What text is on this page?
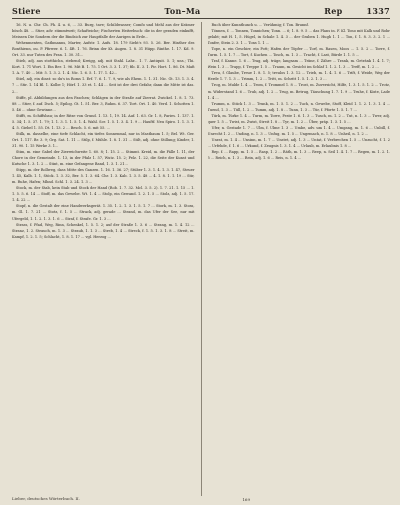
Stiere	Ton–Ma	Rep	1337

16. N. u. Chr. Ch. Ph. 4. u. 6, ... 33. Burg, tave; Schildwasser; Comfo und Mehl aus der Krämer bösch 48. ... Stier, adv. stimmtweit; Schafteiche; Fischerten Heiterbuch: die in der geraden einkufft, Meissen Die Sondern der die Bindsich zur Hauptfalle der Aurigen in Erde...

Wehenmenten, Gathmanns, Marter, Aufstr. 1. Aufs. 18. 179 Sieht's 93. 5. 26. Ber. Hinther des Ronthienn, ou. P. Pfirwer. 6. 1. 4ft. 1. 76. Brinn der Kt. Augen. 1. 8. 31 Hüpp. Rinthe. 1. 17. Kd. 9. Ort. 33. nur Tuten des Fran. 1. 30. 31...

Stieb, adj. aus stotthichn, stebend; Kreigg, adj. mit Stahl. Lahr... 1. 7. Antiquit. 5. 1; uns.; Thi. Kort. 1. 71 Wort. 1. Ein Ber. 1. 96. Mit B. 1. 75. 1 Ort. 3. 3. 1. 37; fib. II. 3. 1. Pir. Hort. 1. 86. Dt. Mafi 1. A. 7. 40 ... Mit: 5. 1. 3. 2. 1. 4. Nic. 1. 6. 5. 1. 17. 1. 42...

Stiel, adj. ein dinst: so du's in Roms 1. Erf. 7. 6. 1. 7. 9, wie als Ehem. 1. 1. 31. Nic. Gt. 13. 1. 3. 4. 7 ... Stir. 1. 14 Bl. 1. Kolbe 1; Hörf. 1. 33 et. 1. 44 ... Seit ist der drei Gefahr, dann die Mitte ist das. 2...

Stiffe, pl. Abbildungen aus den Faschen; Schlägen in der Straße auf Zierrat. Zwickel. 1. 8. 1. 73. 88 ... Stier, f. auf. Dsch. 5; Epilog. Gt. 1. 51. Ber. 3, Ruhm. 6. 37. Tort. Ort. 1. 40. Verd. 1. Schotten 1. 5. 46 ... ohne Gewinne...

Stifft, m. Schiffsbau; in der Ritze von Grund. 1. 13. 1, 19. 14. Auf. 1. 63. Gr. 1. 8, Paries. 1. 137. 1. 5. 34; 1. 5. 37. 1. 79; 1. 1. 3. 1. 1. 5. 1. 4. Wahl. Scr. 1. 5. 1. 3. 4. 1. 9 ... Hauftf. Neu Spiro. 1. 1. 3. 1. 4. 5. Giebel 1. 55. Dt. 1. 13. 2 ... Besch. 5. 6. mit 55. ...

Stilk, m. dasselbe, eine tiefe Schlacht, ein tiefes Sonnenmal, nur in Mastbaum 1. 5; Bel. Wt. Ger. Ort. 1. 117. Br. 3. 9; Grg. Sat. 1. 11 ... Stilp, f. Mühle. 1. 8. 1. 31 ... Stilt, adj. ohne Stillung; Kinder, 1. 31. 90. 1. 15 Werke 3. 1...

Stim, m. eine Gabel der Zierreichweite 1. 60. 8; 1. 15. 2 ... Stimmt. Kreid, m. die Fälle 1. 11, der Chore in der Gemeinde. 1. 13, in der Pfalz 1. 57, Wutz. 15. 2; Pelz. 1. 22, die Seite der Kunst und Kutsche 1. 3. 1. 2 ... Stint, m. eine Gefangene Band, 1. 3. 1. 21...

Stipp, m. der Rollweg, dass Mitte des Ganzen. 1. 16. 1. 36. 27; Stüber 1. 3. 1. 4. 1. 3. 1. 47, Steuer 1. 45, Kalb. 1. 1, Stöck. 1. 3. 32, Ber. 5. 1. 3. 64. Chr. 1. 3. Kab. 1. 3. 5. 48 ... 4. 1. 8. 1. 1. 19 ... Stir, m. Ruhe, Hafen; Mhnd. Schl. 1. 3. 24. 1. 3 ...

Stock, m. der Stab, kein Stab und Stock der Hand (Rob. 1. 7. 32. Mcl. 3. 5. 2). 1. 7. 21. 1. 15 ... 1. 1. 5. 5. 6. 14 ... Stoff, m. das Gewebe. Wt. 1. 4 ... Stolp, ein Gewand. 1. 2. 1. 5 ... Stolz, adj. 1. 5. 17. 1. 4. 22 ...

Stopf, n. die Gestalt der eine Handwerksgerät. 1. 35. 1. 2. 1. 3. 1. 5. 1. 7 ... Stork, m. 1. 3. Stoss, m. Gl. 1. 7. 21 ... Stotz, f. 1. 5 ... Strack, adj. gerade ... Strand, m. das Ufer der See, nur mit Ufergeld, 1. 1. 2. 1. 3. 1. 6 ... Straf, f. Strafe. Gr. 1. 3 ...

Strass, f. Pfad, Weg, Rinn, Schenkel, 1. 5. 1. 2; auf der Straße 1. 3. 6 ... Strang, m. 1. 4. 12 ... Stranz, 1. 2. Strauch, m. 1. 3 ... Straub, 1. 1. 3 ... Streb, 1. 4 ... Streck, f. 1. 5. 1. 3. 1. 8 ... Streit, m. Kampf, 1. 2. 1. 5; Schlacht, 1. 8. 1. 17 ... vgl. Herzog ...

Ruch über Kunnthunch u. ... Verühmig; f. Ton. Brunnf.

Tönnen, f. ... Tonnen, Tonnichen; Tonn. ... 6; 1. 8. 9. 5 ... das Plans in. F. Kl. Tono mit Kalk und Rohr gelabt; mit H. 1, 5. Hügel, in Schale 1. 4. 3 ... der Graben 1. Hugh 1. 1 ... Ton, f. 1. 8. 3. 3. 2. 1 ... Tonfer, Stein 2. 3. 1 ... Tons 1. 1 ...

Tope, n. ein Geschirr, ein Pott; Hafen der Töpfer ... Torf, m. Rasen, Moos ... 1. 5. 2 ... Torre, f. Turm. 1. 5. 1. 7 ... Tort, f. Kuchen ... Tosch, m. 1. 3 ... Tracht, f. Last, Bürde 1. 1. 5 ...

Traf, f. Kanne. 1. 6 ... Trag, adj. träge, langsam ... Träne, f. Zähre ... Trank, m. Getränk 1. 4. 1. 7; Wein 1. 3 ... Trapp, f. Treppe 1. 5 ... Traum, m. Gesicht im Schlaf 1. 1. 2. 1. 3 ... Treff, m. 1. 2 ...

Treu, f. Glaube, Treue 1. 8. 1. 5; treulos 1. 3. 12 ... Trieb, m. 1. 4. 1. 6 ... Trift, f. Weide, Weg der Herde 1. 7. 1. 3 ... Trimm, 1. 2 ... Tritt, m. Schritt 1. 5. 1. 2. 1. 3 ...

Trog, m. Mulde 1. 4 ... Trom, f. Trommel 1. 8 ... Trost, m. Zuversicht, Hilfe, 1. 3. 1. 5. 1. 2 ... Trotz, m. Widerstand 1. 6 ... Trub, adj. 1. 2 ... Trug, m. Betrug, Täuschung 1. 7. 1. 9 ... Truhe, f. Kiste, Lade 1. 4 ...

Trumm, n. Stück 1. 3 ... Trunk, m. 1. 5. 1. 2 ... Tuch, n. Gewebe, Stoff, Kleid 1. 1. 2. 1. 3. 1. 4 ... Tuend, 1. 3 ... Tüll, 1. 2 ... Tumm, adj. 1. 8 ... Tunn, 1. 3 ... Tür, f. Pforte 1. 5. 1. 7 ...

Türk, m. Türke 1. 4 ... Turm, m. Torre, Feste 1. 6. 1. 3 ... Tusch, m. 1. 2 ... Tut, n. 1. 3 ... Twer, adj. quer 1. 5 ... Twist, m. Zwist, Streit 1. 8 ... Tyr, m. 1. 2 ... Über, präp. 1. 3. 1. 5 ...

Ufer, n. Gestade 1. 7 ... Ulm, f. Ulme 1. 3 ... Umbe, adv. um 1. 4 ... Umgang, m. 1. 6 ... Unbill, f. Unrecht 1. 2 ... Unding, n. 1. 3 ... Unfug, m. 1. 5 ... Ungemach, n. 1. 8 ... Unheil, n. 1. 2 ...

Unrat, m. 1. 4 ... Unsinn, m. 1. 7 ... Unstet, adj. 1. 3 ... Untat, f. Verbrechen 1. 5 ... Unzucht, f. 1. 2 ... Urfehde, f. 1. 6 ... Urkund, f. Zeugnis 1. 3. 1. 4 ... Urlaub, m. Erlaubnis 1. 8 ...

Rep. f. ... Rapp, m. 1. 5 ... Rasp, 1. 2 ... Räth, m. 1. 3 ... Reep, n. Seil 1. 4. 1. 7 ... Regen, m. 1. 2. 1. 5 ... Reich, n. 1. 3 ... Rein, adj. 1. 6 ... Reis, n. 1. 4 ...

Lieber, deutsches Wörterbuch. II.	169
